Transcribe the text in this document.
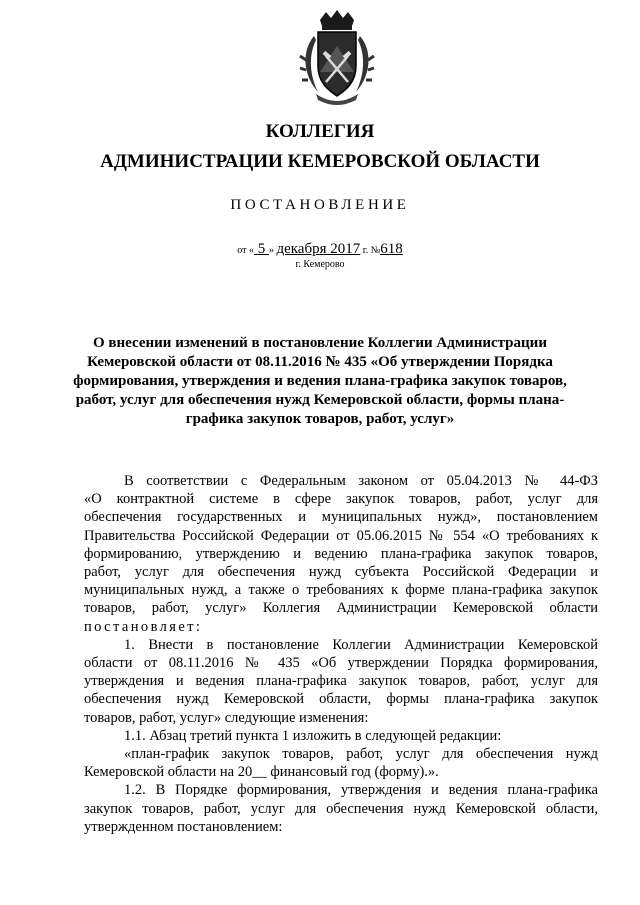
КОЛЛЕГИЯ
АДМИНИСТРАЦИИ КЕМЕРОВСКОЙ ОБЛАСТИ
ПОСТАНОВЛЕНИЕ
от « 5 » декабря 2017 г. №618
г. Кемерово
О внесении изменений в постановление Коллегии Администрации
Кемеровской области от 08.11.2016 № 435 «Об утверждении Порядка
формирования, утверждения и ведения плана-графика закупок товаров,
работ, услуг для обеспечения нужд Кемеровской области, формы плана-
графика закупок товаров, работ, услуг»
В соответствии с Федеральным законом от 05.04.2013 № 44-ФЗ
«О контрактной системе в сфере закупок товаров, работ, услуг для
обеспечения государственных и муниципальных нужд», постановлением
Правительства Российской Федерации от 05.06.2015 № 554 «О требованиях к
формированию, утверждению и ведению плана-графика закупок товаров,
работ, услуг для обеспечения нужд субъекта Российской Федерации и
муниципальных нужд, а также о требованиях к форме плана-графика закупок
товаров, работ, услуг» Коллегия Администрации Кемеровской области
постановляет:
1. Внести в постановление Коллегии Администрации Кемеровской
области от 08.11.2016 № 435 «Об утверждении Порядка формирования,
утверждения и ведения плана-графика закупок товаров, работ, услуг для
обеспечения нужд Кемеровской области, формы плана-графика закупок
товаров, работ, услуг» следующие изменения:
1.1. Абзац третий пункта 1 изложить в следующей редакции:
«план-график закупок товаров, работ, услуг для обеспечения нужд
Кемеровской области на 20__ финансовый год (форму).».
1.2. В Порядке формирования, утверждения и ведения плана-графика
закупок товаров, работ, услуг для обеспечения нужд Кемеровской области,
утвержденном постановлением:
